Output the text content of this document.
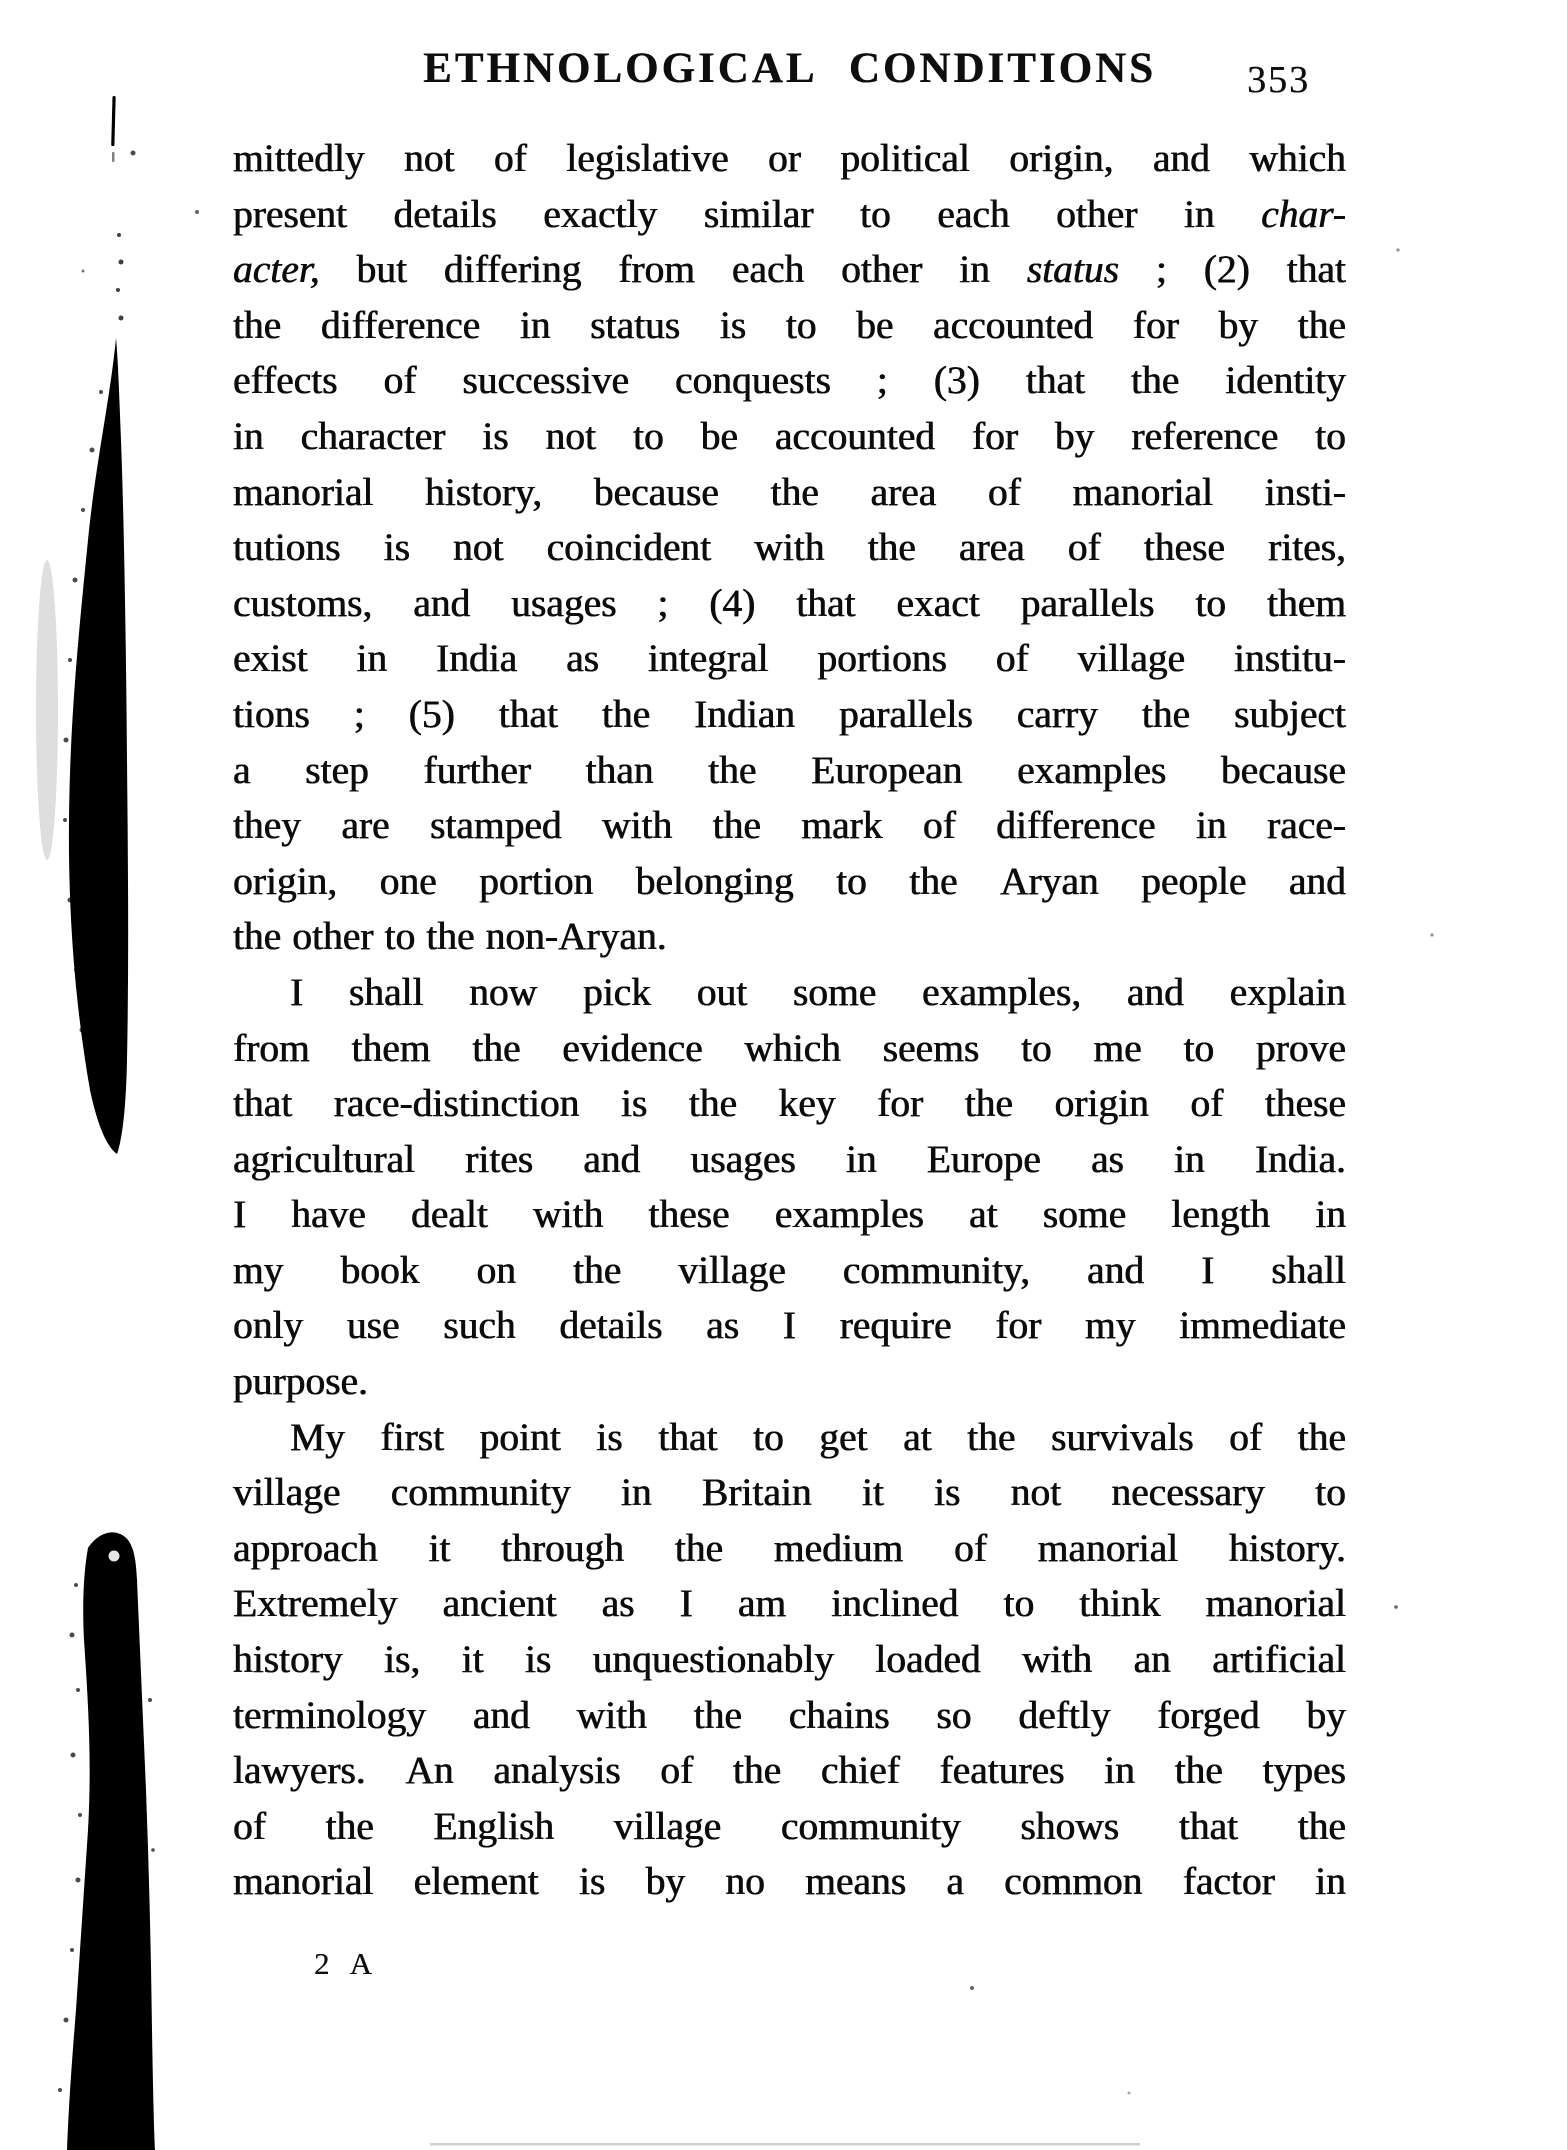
ETHNOLOGICAL CONDITIONS	353
mittedly not of legislative or political origin, and which
present details exactly similar to each other in char-
acter, but differing from each other in status ; (2) that
the difference in status is to be accounted for by the
effects of successive conquests ; (3) that the identity
in character is not to be accounted for by reference to
manorial history, because the area of manorial insti-
tutions is not coincident with the area of these rites,
customs, and usages ; (4) that exact parallels to them
exist in India as integral portions of village institu-
tions ; (5) that the Indian parallels carry the subject
a step further than the European examples because
they are stamped with the mark of difference in race-
origin, one portion belonging to the Aryan people and
the other to the non-Aryan.
I shall now pick out some examples, and explain
from them the evidence which seems to me to prove
that race-distinction is the key for the origin of these
agricultural rites and usages in Europe as in India.
I have dealt with these examples at some length in
my book on the village community, and I shall
only use such details as I require for my immediate
purpose.
My first point is that to get at the survivals of the
village community in Britain it is not necessary to
approach it through the medium of manorial history.
Extremely ancient as I am inclined to think manorial
history is, it is unquestionably loaded with an artificial
terminology and with the chains so deftly forged by
lawyers. An analysis of the chief features in the types
of the English village community shows that the
manorial element is by no means a common factor in
2 A
